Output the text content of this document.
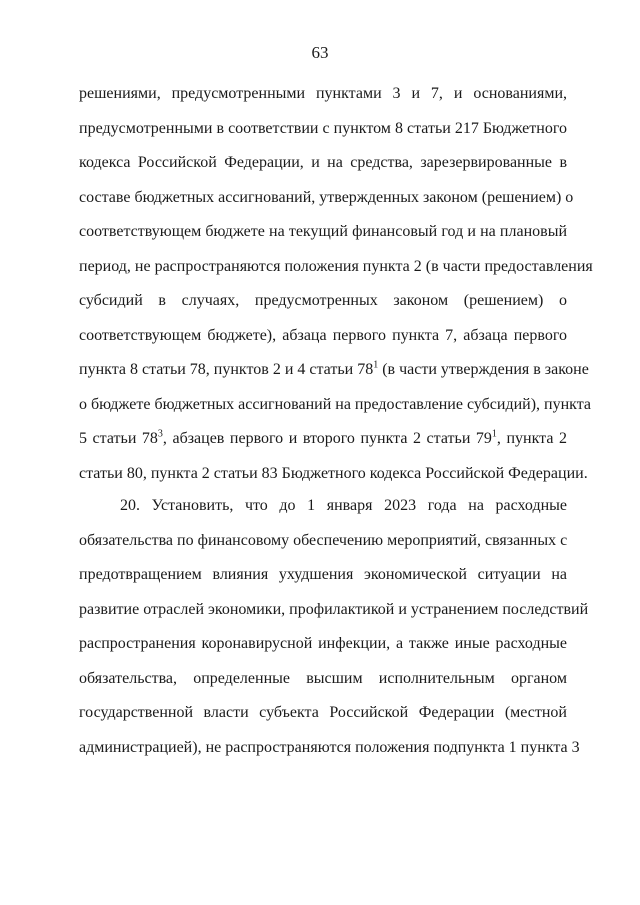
63
решениями, предусмотренными пунктами 3 и 7, и основаниями,
предусмотренными в соответствии с пунктом 8 статьи 217 Бюджетного
кодекса Российской Федерации, и на средства, зарезервированные в
составе бюджетных ассигнований, утвержденных законом (решением) о
соответствующем бюджете на текущий финансовый год и на плановый
период, не распространяются положения пункта 2 (в части предоставления
субсидий в случаях, предусмотренных законом (решением) о
соответствующем бюджете), абзаца первого пункта 7, абзаца первого
пункта 8 статьи 78, пунктов 2 и 4 статьи $78^1$ (в части утверждения в законе
о бюджете бюджетных ассигнований на предоставление субсидий), пункта
5 статьи $78^3$, абзацев первого и второго пункта 2 статьи $79^1$, пункта 2
статьи 80, пункта 2 статьи 83 Бюджетного кодекса Российской Федерации.
20. Установить, что до 1 января 2023 года на расходные
обязательства по финансовому обеспечению мероприятий, связанных с
предотвращением влияния ухудшения экономической ситуации на
развитие отраслей экономики, профилактикой и устранением последствий
распространения коронавирусной инфекции, а также иные расходные
обязательства, определенные высшим исполнительным органом
государственной власти субъекта Российской Федерации (местной
администрацией), не распространяются положения подпункта 1 пункта 3
